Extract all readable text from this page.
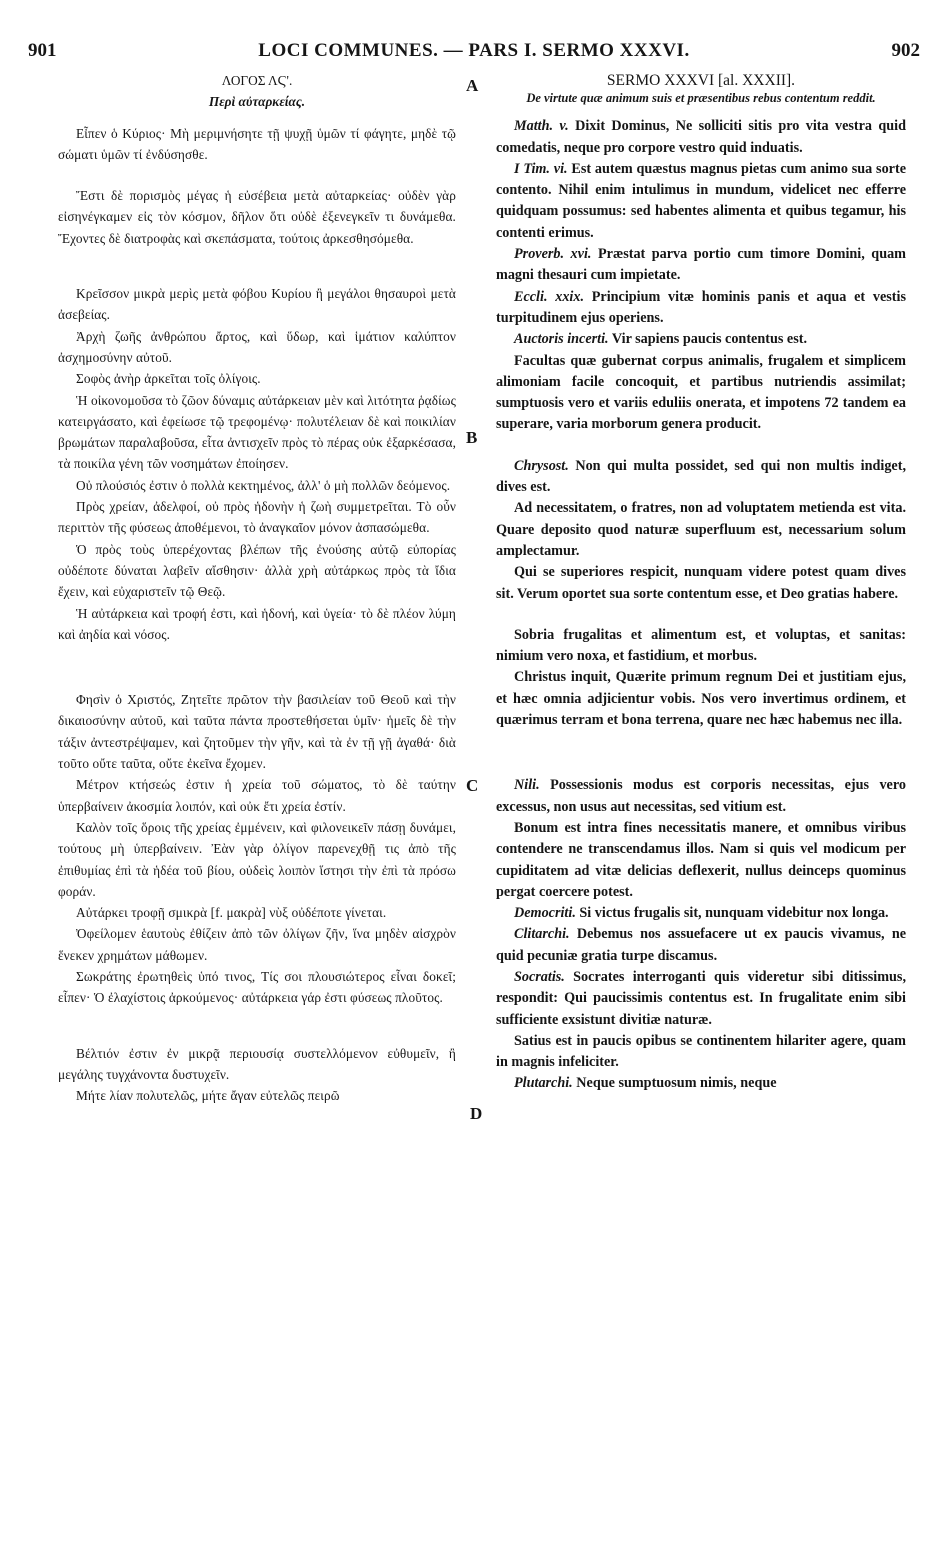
901	LOCI COMMUNES. — PARS I. SERMO XXXVI.	902
A
B
C
D
ΛΟΓΟΣ ΛϚ'.
Περὶ αὐταρκείας.

Εἶπεν ὁ Κύριος· Μὴ μεριμνήσητε τῇ ψυχῇ ὑμῶν τί φάγητε, μηδὲ τῷ σώματι ὑμῶν τί ἐνδύσησθε.

Ἔστι δὲ πορισμὸς μέγας ἡ εὐσέβεια μετὰ αὐταρκείας· οὐδὲν γὰρ εἰσηνέγκαμεν εἰς τὸν κόσμον, δῆλον ὅτι οὐδὲ ἐξενεγκεῖν τι δυνάμεθα. Ἔχοντες δὲ διατροφὰς καὶ σκεπάσματα, τούτοις ἀρκεσθησόμεθα.

Κρεῖσσον μικρὰ μερὶς μετὰ φόβου Κυρίου ἢ μεγάλοι θησαυροὶ μετὰ ἀσεβείας.

Ἀρχὴ ζωῆς ἀνθρώπου ἄρτος, καὶ ὕδωρ, καὶ ἱμάτιον καλύπτον ἀσχημοσύνην αὐτοῦ.

Σοφὸς ἀνὴρ ἀρκεῖται τοῖς ὀλίγοις.

Ἡ οἰκονομοῦσα τὸ ζῶον δύναμις αὐτάρκειαν μὲν καὶ λιτότητα ῥᾳδίως κατειργάσατο, καὶ ἐφείωσε τῷ τρεφομένῳ· πολυτέλειαν δὲ καὶ ποικιλίαν βρωμάτων παραλαβοῦσα, εἶτα ἀντισχεῖν πρὸς τὸ πέρας οὐκ ἐξαρκέσασα, τὰ ποικίλα γένη τῶν νοσημάτων ἐποίησεν.

Οὐ πλούσιός ἐστιν ὁ πολλὰ κεκτημένος, ἀλλ' ὁ μὴ πολλῶν δεόμενος.

Πρὸς χρείαν, ἀδελφοί, οὐ πρὸς ἡδονὴν ἡ ζωὴ συμμετρεῖται. Τὸ οὖν περιττὸν τῆς φύσεως ἀποθέμενοι, τὸ ἀναγκαῖον μόνον ἀσπασώμεθα.

Ὁ πρὸς τοὺς ὑπερέχοντας βλέπων τῆς ἐνούσης αὐτῷ εὐπορίας οὐδέποτε δύναται λαβεῖν αἴσθησιν· ἀλλὰ χρὴ αὐτάρκως πρὸς τὰ ἴδια ἔχειν, καὶ εὐχαριστεῖν τῷ Θεῷ.

Ἡ αὐτάρκεια καὶ τροφή ἐστι, καὶ ἡδονή, καὶ ὑγεία· τὸ δὲ πλέον λύμη καὶ ἀηδία καὶ νόσος.

Φησὶν ὁ Χριστός, Ζητεῖτε πρῶτον τὴν βασιλείαν τοῦ Θεοῦ καὶ τὴν δικαιοσύνην αὐτοῦ, καὶ ταῦτα πάντα προστεθήσεται ὑμῖν· ἡμεῖς δὲ τὴν τάξιν ἀντεστρέψαμεν, καὶ ζητοῦμεν τὴν γῆν, καὶ τὰ ἐν τῇ γῇ ἀγαθά· διὰ τοῦτο οὔτε ταῦτα, οὔτε ἐκεῖνα ἔχομεν.

Μέτρον κτήσεώς ἐστιν ἡ χρεία τοῦ σώματος, τὸ δὲ ταύτην ὑπερβαίνειν ἀκοσμία λοιπόν, καὶ οὐκ ἔτι χρεία ἐστίν.

Καλὸν τοῖς ὅροις τῆς χρείας ἐμμένειν, καὶ φιλονεικεῖν πάσῃ δυνάμει, τούτους μὴ ὑπερβαίνειν. Ἐὰν γὰρ ὀλίγον παρενεχθῇ τις ἀπὸ τῆς ἐπιθυμίας ἐπὶ τὰ ἡδέα τοῦ βίου, οὐδεὶς λοιπὸν ἵστησι τὴν ἐπὶ τὰ πρόσω φοράν.

Αὐτάρκει τροφῇ σμικρὰ [f. μακρὰ] νὺξ οὐδέποτε γίνεται.

Ὀφείλομεν ἑαυτοὺς ἐθίζειν ἀπὸ τῶν ὀλίγων ζῆν, ἵνα μηδὲν αἰσχρὸν ἕνεκεν χρημάτων μάθωμεν.

Σωκράτης ἐρωτηθεὶς ὑπό τινος, Τίς σοι πλουσιώτερος εἶναι δοκεῖ; εἶπεν· Ὁ ἐλαχίστοις ἀρκούμενος· αὐτάρκεια γάρ ἐστι φύσεως πλοῦτος.

Βέλτιόν ἐστιν ἐν μικρᾷ περιουσίᾳ συστελλόμενον εὐθυμεῖν, ἢ μεγάλης τυγχάνοντα δυστυχεῖν.

Μήτε λίαν πολυτελῶς, μήτε ἄγαν εὐτελῶς πειρῶ

SERMO XXXVI [al. XXXII].
De virtute quæ animum suis et præsentibus rebus contentum reddit.

Matth. v. Dixit Dominus, Ne solliciti sitis pro vita vestra quid comedatis, neque pro corpore vestro quid induatis.

I Tim. vi. Est autem quæstus magnus pietas cum animo sua sorte contento. Nihil enim intulimus in mundum, videlicet nec efferre quidquam possumus: sed habentes alimenta et quibus tegamur, his contenti erimus.

Proverb. xvi. Præstat parva portio cum timore Domini, quam magni thesauri cum impietate.

Eccli. xxix. Principium vitæ hominis panis et aqua et vestis turpitudinem ejus operiens.

Auctoris incerti. Vir sapiens paucis contentus est.

Facultas quæ gubernat corpus animalis, frugalem et simplicem alimoniam facile concoquit, et partibus nutriendis assimilat; sumptuosis vero et variis eduliis onerata, et impotens 72 tandem ea superare, varia morborum genera producit.

Chrysost. Non qui multa possidet, sed qui non multis indiget, dives est.

Ad necessitatem, o fratres, non ad voluptatem metienda est vita. Quare deposito quod naturæ superfluum est, necessarium solum amplectamur.

Qui se superiores respicit, nunquam videre potest quam dives sit. Verum oportet sua sorte contentum esse, et Deo gratias habere.

Sobria frugalitas et alimentum est, et voluptas, et sanitas: nimium vero noxa, et fastidium, et morbus.

Christus inquit, Quærite primum regnum Dei et justitiam ejus, et hæc omnia adjicientur vobis. Nos vero invertimus ordinem, et quærimus terram et bona terrena, quare nec hæc habemus nec illa.

Nili. Possessionis modus est corporis necessitas, ejus vero excessus, non usus aut necessitas, sed vitium est.

Bonum est intra fines necessitatis manere, et omnibus viribus contendere ne transcendamus illos. Nam si quis vel modicum per cupiditatem ad vitæ delicias deflexerit, nullus deinceps quominus pergat coercere potest.

Democriti. Si victus frugalis sit, nunquam videbitur nox longa.

Clitarchi. Debemus nos assuefacere ut ex paucis vivamus, ne quid pecuniæ gratia turpe discamus.

Socratis. Socrates interroganti quis videretur sibi ditissimus, respondit: Qui paucissimis contentus est. In frugalitate enim sibi sufficiente exsistunt divitiæ naturæ.

Satius est in paucis opibus se continentem hilariter agere, quam in magnis infeliciter.

Plutarchi. Neque sumptuosum nimis, neque
